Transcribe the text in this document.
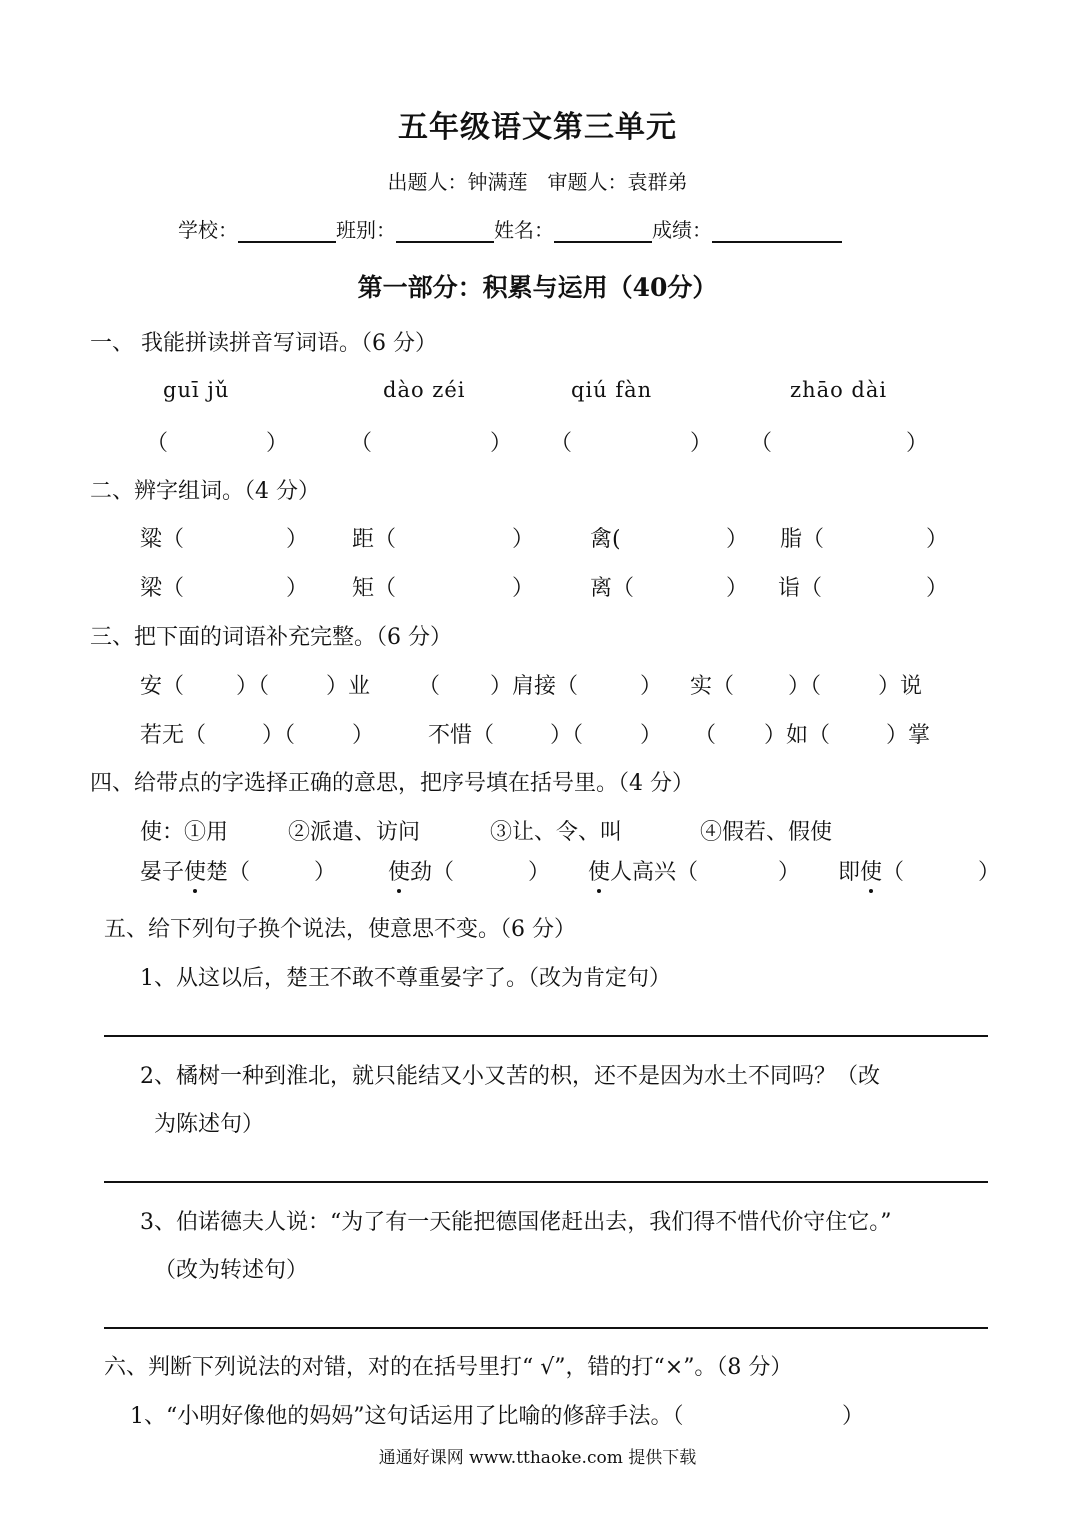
五年级语文第三单元
出题人：钟满莲　审题人：袁群弟
学校：	班别：	姓名：	成绩：
第一部分：积累与运用（40分）
一、 我能拼读拼音写词语。（6 分）
guī jǔ	dào zéi	qiú fàn	zhāo dài
（	）	（	） （	） （	）
二、辨字组词。（4 分）
粱（	） 距（	）	禽(	） 脂（	）
梁（	） 矩（	）	离（	） 诣（	）
三、把下面的词语补充完整。（6 分）
安（ ）（	）业 （ ）肩接（	） 实（ ）（	）说
若无（	）（	） 不惜（	）（	） （ ）如（	）掌
四、给带点的字选择正确的意思，把序号填在括号里。（4 分）
使：①用	②派遣、访问	③让、令、叫	④假若、假使
晏子使楚（	） 使劲（	） 使人高兴（	） 即使（	）
五、给下列句子换个说法，使意思不变。（6 分）
1、从这以后，楚王不敢不尊重晏字了。（改为肯定句）
2、橘树一种到淮北，就只能结又小又苦的枳，还不是因为水土不同吗？（改
为陈述句）
3、伯诺德夫人说：“为了有一天能把德国佬赶出去，我们得不惜代价守住它。”
（改为转述句）
六、判断下列说法的对错，对的在括号里打“ √”，错的打“×”。（8 分）
1、“小明好像他的妈妈”这句话运用了比喻的修辞手法。（	）
通通好课网 www.tthaoke.com 提供下载
